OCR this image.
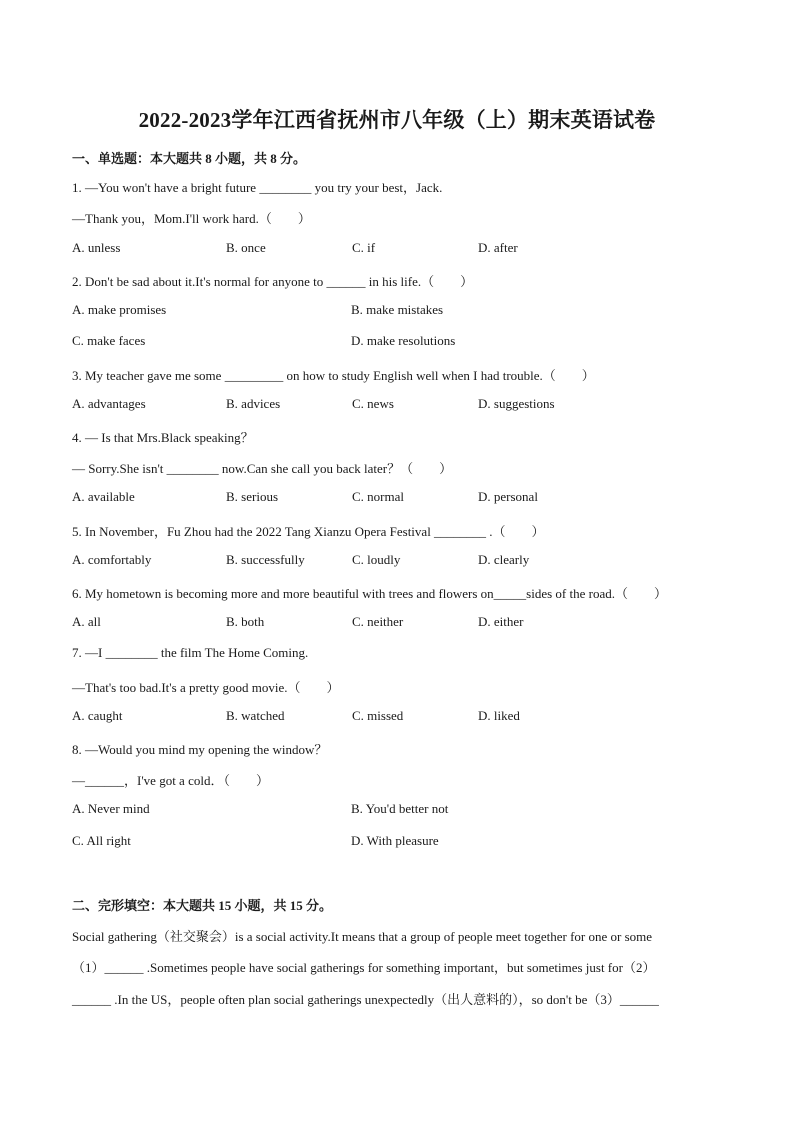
2022-2023学年江西省抚州市八年级（上）期末英语试卷
一、单选题：本大题共 8 小题，共 8 分。
1. —You won't have a bright future ________ you try your best，Jack.
—Thank you，Mom.I'll work hard.（　　）
A. unless	B. once	C. if	D. after
2. Don't be sad about it.It's normal for anyone to ______ in his life.（　　）
A. make promises	B. make mistakes
C. make faces	D. make resolutions
3. My teacher gave me some _________ on how to study English well when I had trouble.（　　）
A. advantages	B. advices	C. news	D. suggestions
4. — Is that Mrs.Black speaking？
— Sorry.She isn't ________ now.Can she call you back later？（　　）
A. available	B. serious	C. normal	D. personal
5. In November，Fu Zhou had the 2022 Tang Xianzu Opera Festival ________ .（　　）
A. comfortably	B. successfully	C. loudly	D. clearly
6. My hometown is becoming more and more beautiful with trees and flowers on_____sides of the road.（　　）
A. all	B. both	C. neither	D. either
7. —I ________ the film The Home Coming.
—That's too bad.It's a pretty good movie.（　　）
A. caught	B. watched	C. missed	D. liked
8. —Would you mind my opening the window？
—______，I've got a cold．（　　）
A. Never mind	B. You'd better not
C. All right	D. With pleasure
二、完形填空：本大题共 15 小题，共 15 分。
Social gathering（社交聚会）is a social activity.It means that a group of people meet together for one or some
（1）______ .Sometimes people have social gatherings for something important，but sometimes just for（2）
______ .In the US，people often plan social gatherings unexpectedly（出人意料的），so don't be（3）______
